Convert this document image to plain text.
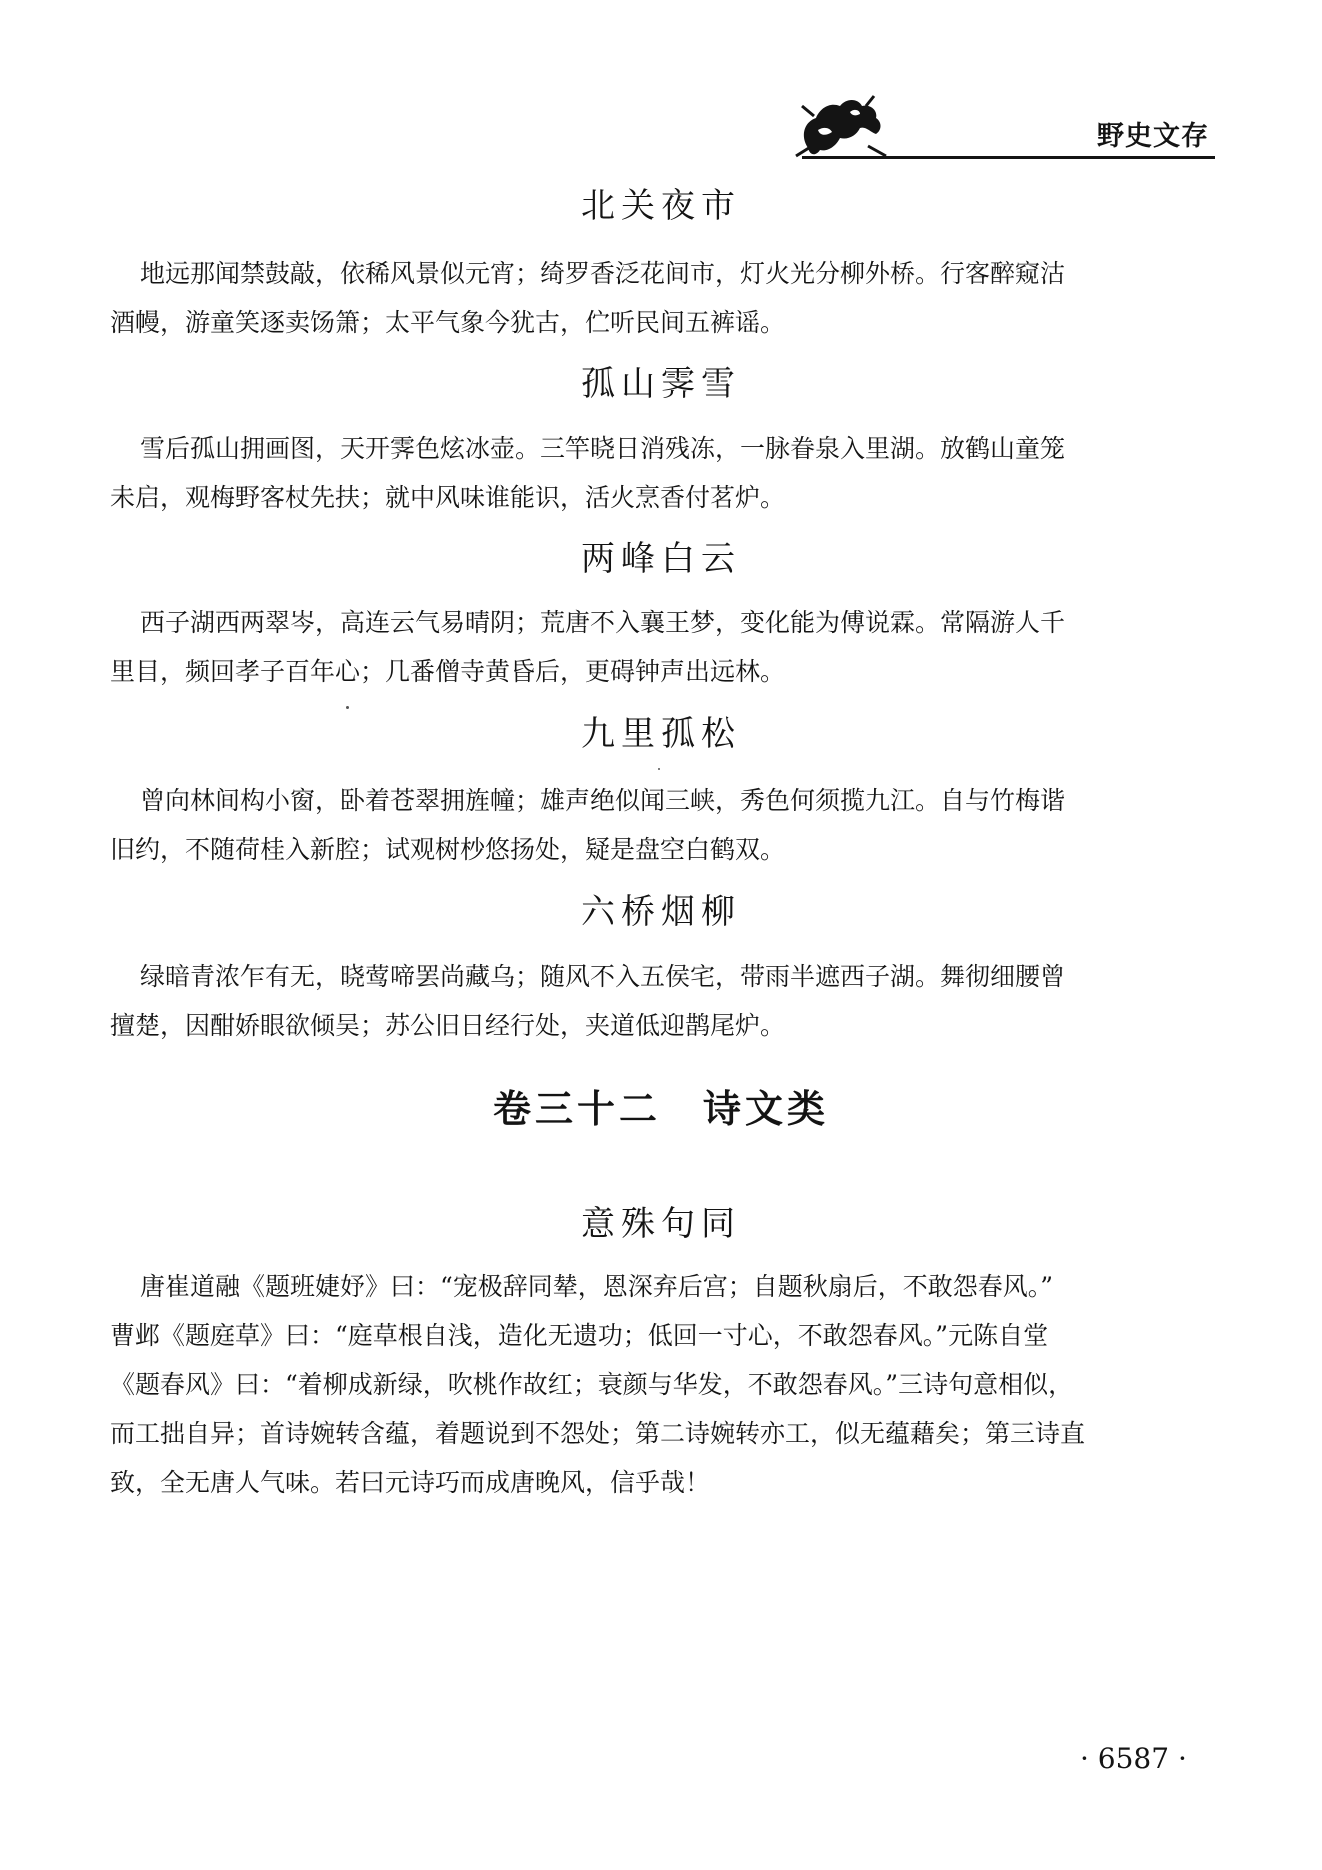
野史文存
北关夜市
地远那闻禁鼓敲，依稀风景似元宵；绮罗香泛花间市，灯火光分柳外桥。行客醉窥沽
酒幔，游童笑逐卖饧箫；太平气象今犹古，伫听民间五裤谣。
孤山霁雪
雪后孤山拥画图，天开霁色炫冰壶。三竿晓日消残冻，一脉眷泉入里湖。放鹤山童笼
未启，观梅野客杖先扶；就中风味谁能识，活火烹香付茗炉。
两峰白云
西子湖西两翠岑，高连云气易晴阴；荒唐不入襄王梦，变化能为傅说霖。常隔游人千
里目，频回孝子百年心；几番僧寺黄昏后，更碍钟声出远林。
九里孤松
曾向林间构小窗，卧着苍翠拥旌幢；雄声绝似闻三峡，秀色何须揽九江。自与竹梅谐
旧约，不随荷桂入新腔；试观树杪悠扬处，疑是盘空白鹤双。
六桥烟柳
绿暗青浓乍有无，晓莺啼罢尚藏乌；随风不入五侯宅，带雨半遮西子湖。舞彻细腰曾
擅楚，因酣娇眼欲倾吴；苏公旧日经行处，夹道低迎鹊尾炉。
卷三十二　诗文类
意殊句同
唐崔道融《题班婕妤》曰：“宠极辞同辇，恩深弃后宫；自题秋扇后，不敢怨春风。”
曹邺《题庭草》曰：“庭草根自浅，造化无遗功；低回一寸心，不敢怨春风。”元陈自堂
《题春风》曰：“着柳成新绿，吹桃作故红；衰颜与华发，不敢怨春风。”三诗句意相似，
而工拙自异；首诗婉转含蕴，着题说到不怨处；第二诗婉转亦工，似无蕴藉矣；第三诗直
致，全无唐人气味。若曰元诗巧而成唐晚风，信乎哉！
· 6587 ·
